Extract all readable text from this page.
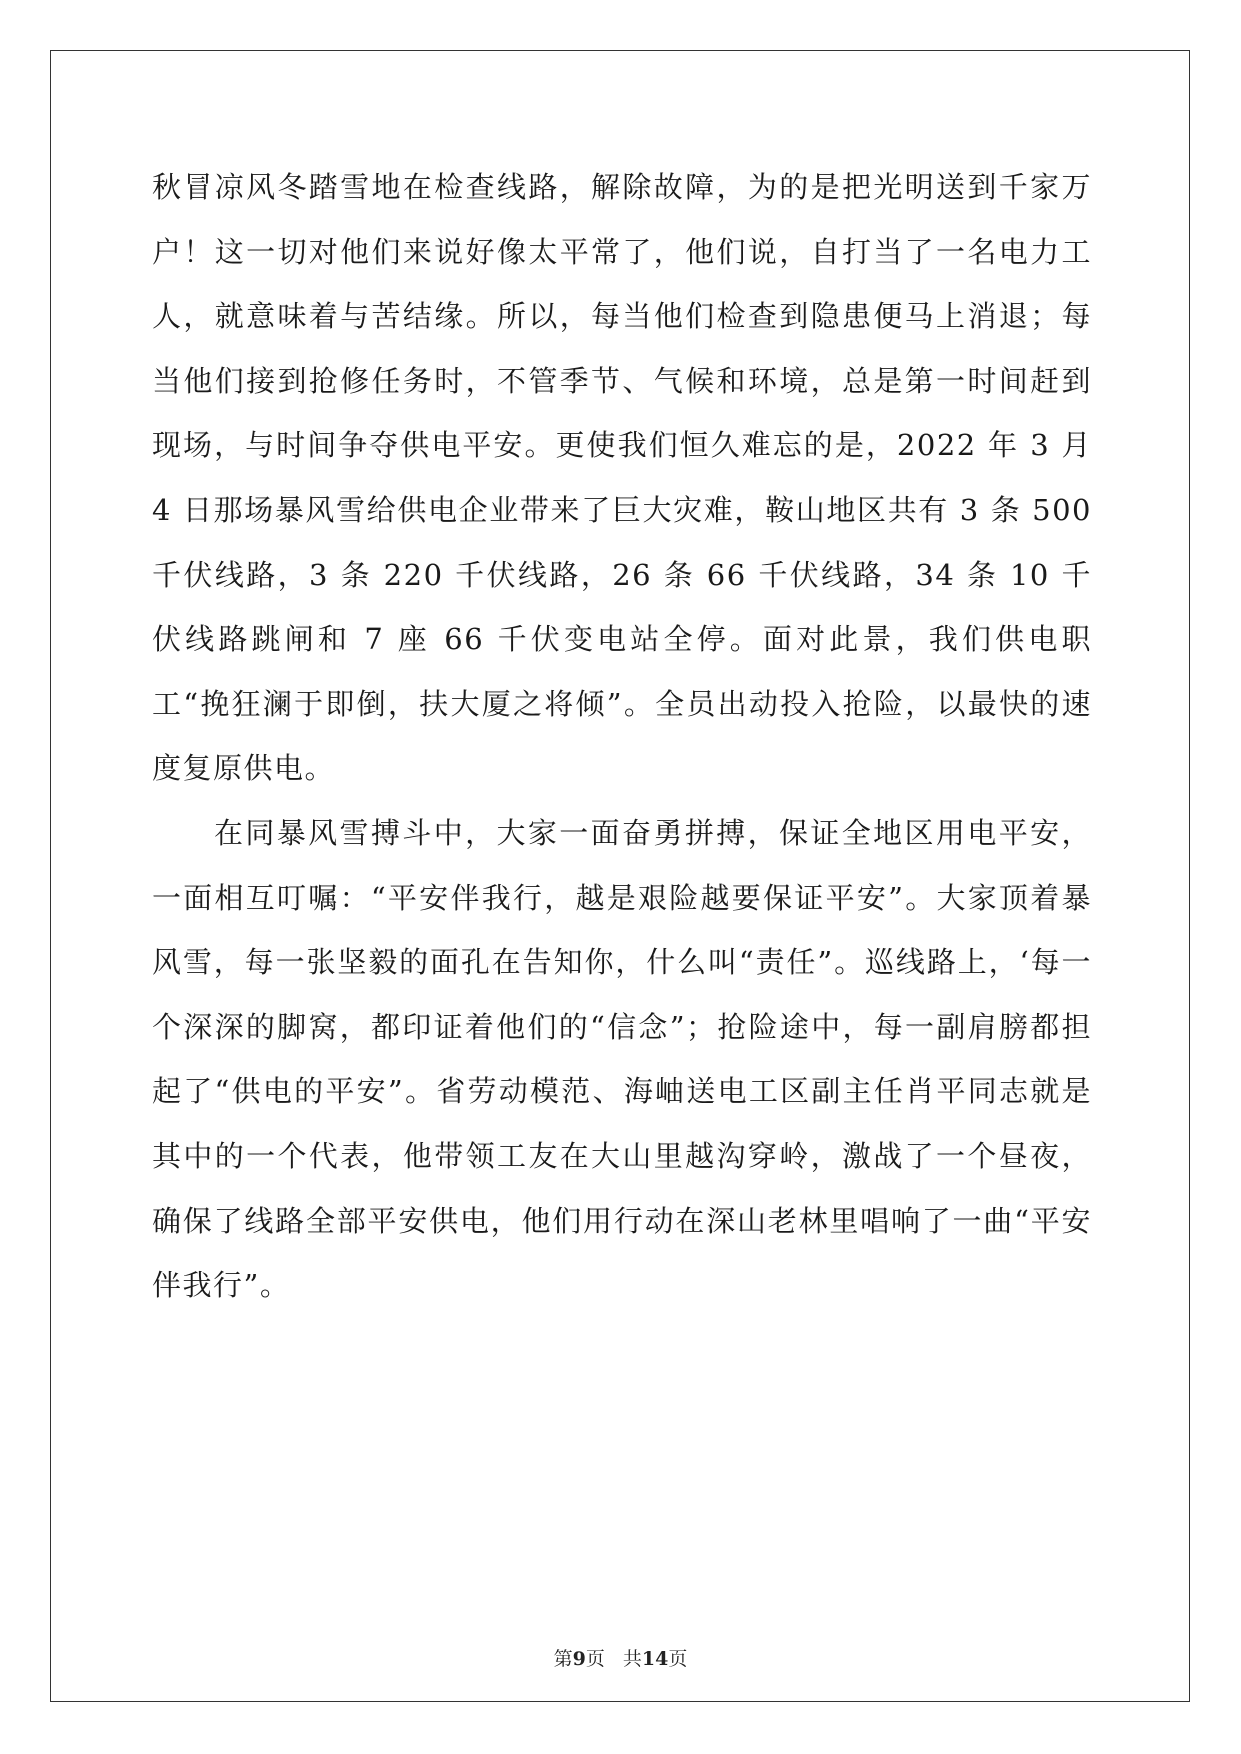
秋冒凉风冬踏雪地在检查线路，解除故障，为的是把光明送到千家万户！这一切对他们来说好像太平常了，他们说，自打当了一名电力工人，就意味着与苦结缘。所以，每当他们检查到隐患便马上消退；每当他们接到抢修任务时，不管季节、气候和环境，总是第一时间赶到现场，与时间争夺供电平安。更使我们恒久难忘的是，2022 年 3 月 4 日那场暴风雪给供电企业带来了巨大灾难，鞍山地区共有 3 条 500 千伏线路，3 条 220 千伏线路，26 条 66 千伏线路，34 条 10 千伏线路跳闸和 7 座 66 千伏变电站全停。面对此景，我们供电职工“挽狂澜于即倒，扶大厦之将倾”。全员出动投入抢险，以最快的速度复原供电。

在同暴风雪搏斗中，大家一面奋勇拼搏，保证全地区用电平安，一面相互叮嘱：“平安伴我行，越是艰险越要保证平安”。大家顶着暴风雪，每一张坚毅的面孔在告知你，什么叫“责任”。巡线路上，‘每一个深深的脚窝，都印证着他们的“信念”；抢险途中，每一副肩膀都担起了“供电的平安”。省劳动模范、海岫送电工区副主任肖平同志就是其中的一个代表，他带领工友在大山里越沟穿岭，激战了一个昼夜，确保了线路全部平安供电，他们用行动在深山老林里唱响了一曲“平安伴我行”。

第9页 共14页
